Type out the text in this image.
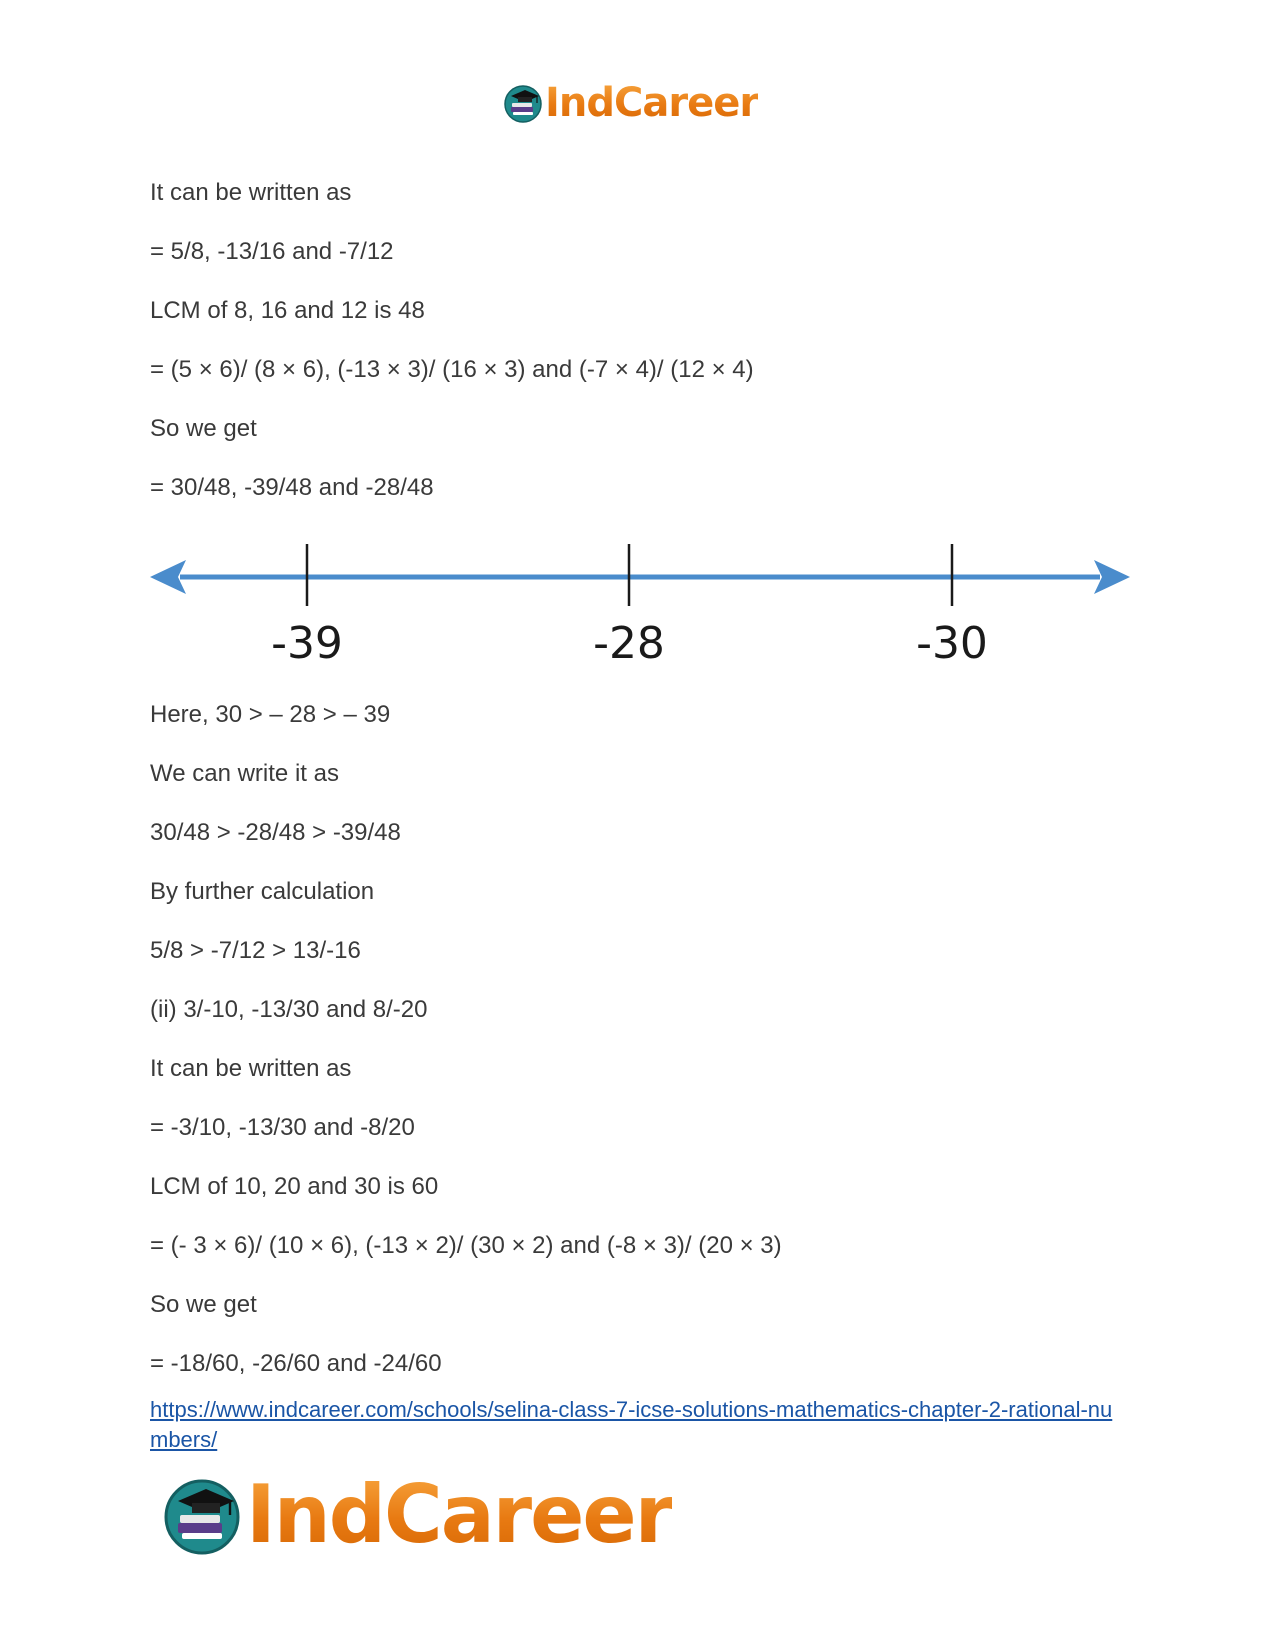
IndCareer
It can be written as
= 5/8, -13/16 and -7/12
LCM of 8, 16 and 12 is 48
= (5 × 6)/ (8 × 6), (-13 × 3)/ (16 × 3) and (-7 × 4)/ (12 × 4)
So we get
= 30/48, -39/48 and -28/48
-39	-28	-30
Here, 30 > – 28 > – 39
We can write it as
30/48 > -28/48 > -39/48
By further calculation
5/8 > -7/12 > 13/-16
(ii) 3/-10, -13/30 and 8/-20
It can be written as
= -3/10, -13/30 and -8/20
LCM of 10, 20 and 30 is 60
= (- 3 × 6)/ (10 × 6), (-13 × 2)/ (30 × 2) and (-8 × 3)/ (20 × 3)
So we get
= -18/60, -26/60 and -24/60
https://www.indcareer.com/schools/selina-class-7-icse-solutions-mathematics-chapter-2-rational-numbers/
IndCareer
